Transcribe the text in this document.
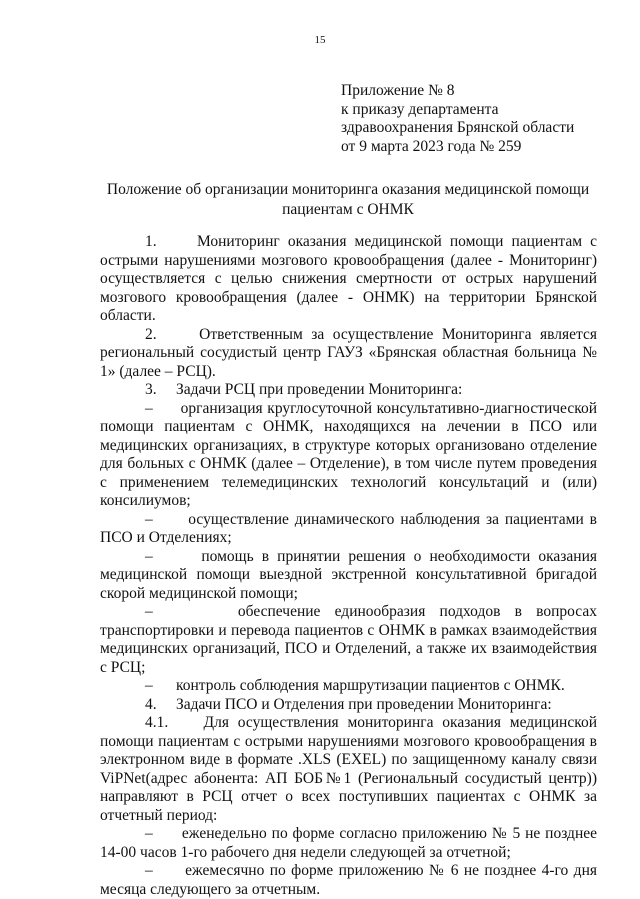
15
Приложение № 8
к приказу департамента
здравоохранения Брянской области
от 9 марта 2023 года № 259
Положение об организации мониторинга оказания медицинской помощи пациентам с ОНМК

1.     Мониторинг оказания медицинской помощи пациентам с острыми нарушениями мозгового кровообращения (далее - Мониторинг) осуществляется с целью снижения смертности от острых нарушений мозгового кровообращения (далее - ОНМК) на территории Брянской области.

2.     Ответственным за осуществление Мониторинга является региональный сосудистый центр ГАУЗ «Брянская областная больница № 1» (далее – РСЦ).

3.     Задачи РСЦ при проведении Мониторинга:

–      организация круглосуточной консультативно-диагностической помощи пациентам с ОНМК, находящихся на лечении в ПСО или медицинских организациях, в структуре которых организовано отделение для больных с ОНМК (далее – Отделение), в том числе путем проведения с применением телемедицинских технологий консультаций и (или) консилиумов;

–      осуществление динамического наблюдения за пациентами в ПСО и Отделениях;

–      помощь в принятии решения о необходимости оказания медицинской помощи выездной экстренной консультативной бригадой скорой медицинской помощи;

–      обеспечение единообразия подходов в вопросах транспортировки и перевода пациентов с ОНМК в рамках взаимодействия медицинских организаций, ПСО и Отделений, а также их взаимодействия с РСЦ;

–      контроль соблюдения маршрутизации пациентов с ОНМК.

4.     Задачи ПСО и Отделения при проведении Мониторинга:

4.1.    Для осуществления мониторинга оказания медицинской помощи пациентам с острыми нарушениями мозгового кровообращения в электронном виде в формате .XLS (EXEL) по защищенному каналу связи ViPNet(адрес абонента: АП БОБ№1 (Региональный сосудистый центр)) направляют в РСЦ отчет о всех поступивших пациентах с ОНМК за отчетный период:

–      еженедельно по форме согласно приложению № 5 не позднее 14-00 часов 1-го рабочего дня недели следующей за отчетной;

–      ежемесячно по форме приложению № 6 не позднее 4-го дня месяца следующего за отчетным.
